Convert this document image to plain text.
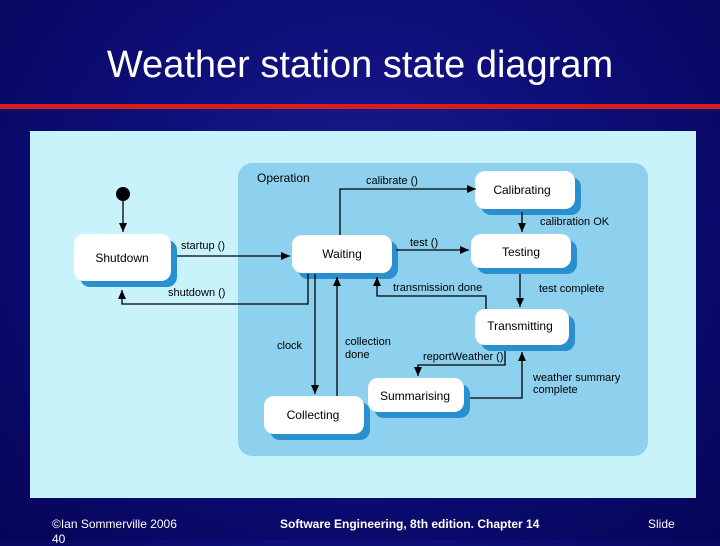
Weather station state diagram
Operation
Shutdown	Waiting
Calibrating
Testing
Transmitting
Summarising
Collecting
startup ()
shutdown ()
calibrate ()
calibration OK
test ()
transmission done	test complete
clock	collection
done	reportWeather ()
weather summary
complete
©Ian Sommerville 2006	Software Engineering, 8th edition. Chapter 14	Slide
40
